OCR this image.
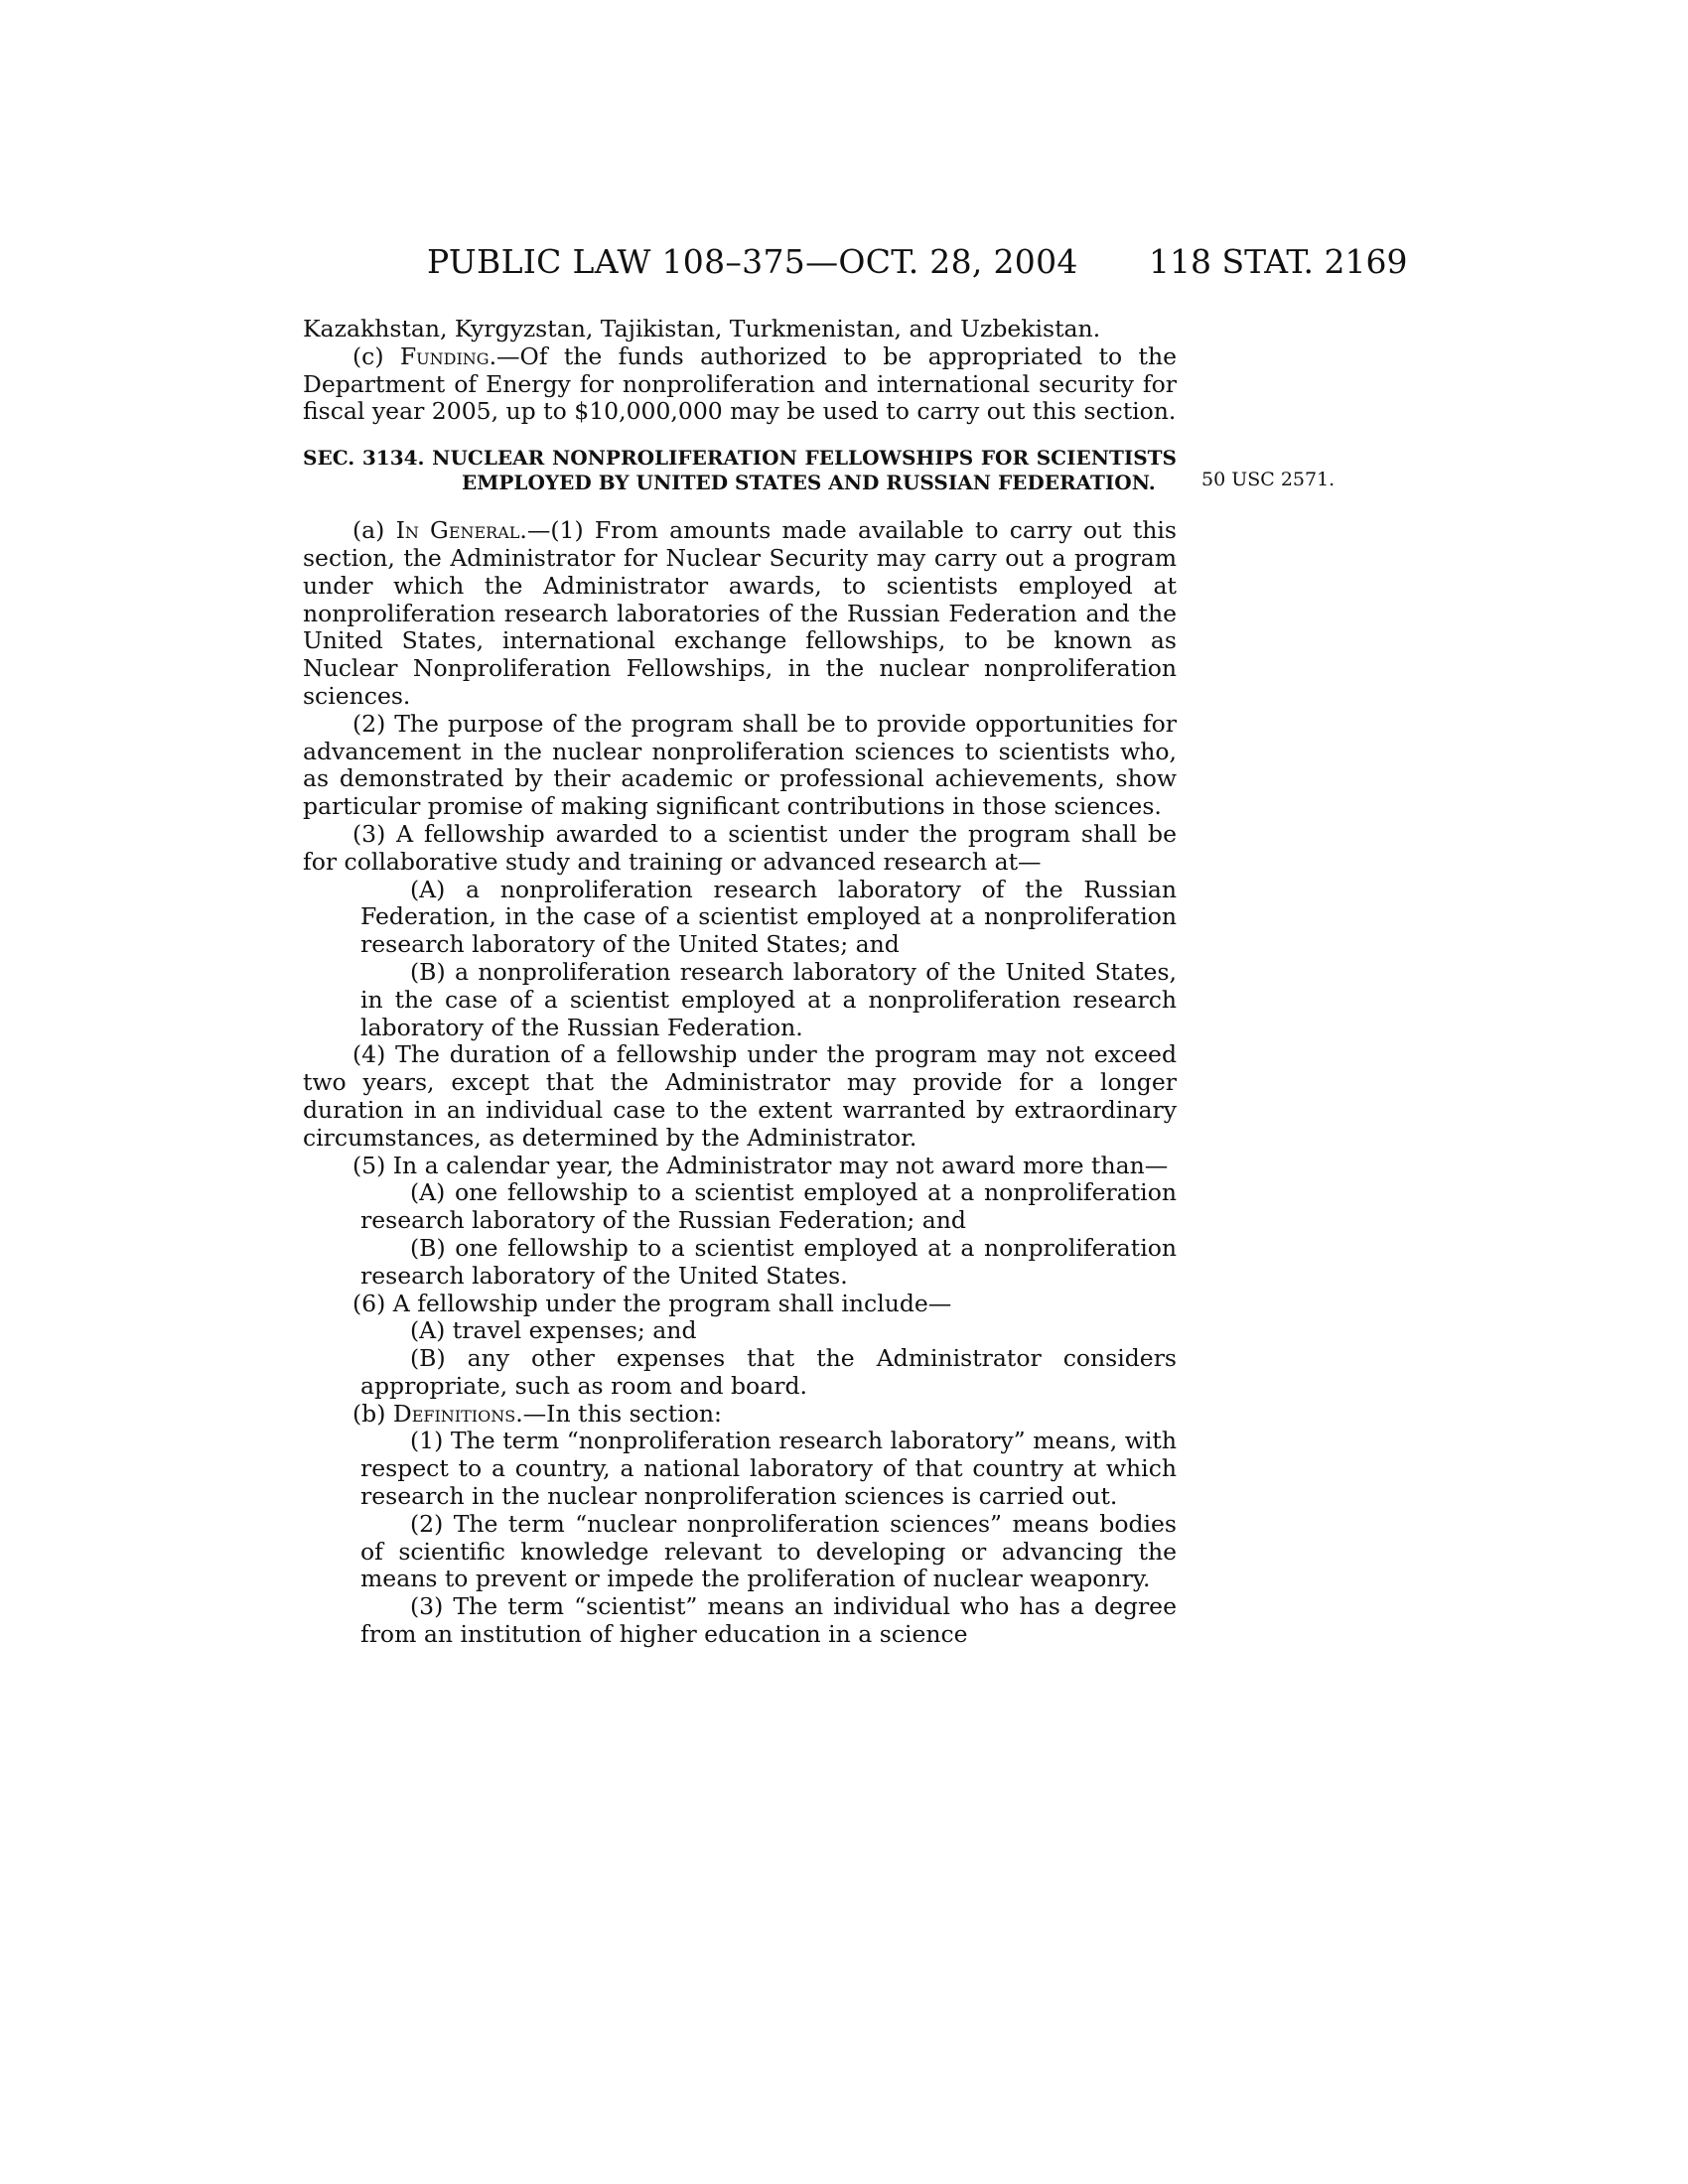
PUBLIC LAW 108–375—OCT. 28, 2004 118 STAT. 2169
50 USC 2571.

Kazakhstan, Kyrgyzstan, Tajikistan, Turkmenistan, and Uzbekistan.

(c) Funding.—Of the funds authorized to be appropriated to the Department of Energy for nonproliferation and international security for fiscal year 2005, up to $10,000,000 may be used to carry out this section.

SEC. 3134. NUCLEAR NONPROLIFERATION FELLOWSHIPS FOR SCIENTISTS EMPLOYED BY UNITED STATES AND RUSSIAN FEDERATION.

(a) In General.—(1) From amounts made available to carry out this section, the Administrator for Nuclear Security may carry out a program under which the Administrator awards, to scientists employed at nonproliferation research laboratories of the Russian Federation and the United States, international exchange fellowships, to be known as Nuclear Nonproliferation Fellowships, in the nuclear nonproliferation sciences.

(2) The purpose of the program shall be to provide opportunities for advancement in the nuclear nonproliferation sciences to scientists who, as demonstrated by their academic or professional achievements, show particular promise of making significant contributions in those sciences.

(3) A fellowship awarded to a scientist under the program shall be for collaborative study and training or advanced research at—

(A) a nonproliferation research laboratory of the Russian Federation, in the case of a scientist employed at a nonproliferation research laboratory of the United States; and

(B) a nonproliferation research laboratory of the United States, in the case of a scientist employed at a nonproliferation research laboratory of the Russian Federation.

(4) The duration of a fellowship under the program may not exceed two years, except that the Administrator may provide for a longer duration in an individual case to the extent warranted by extraordinary circumstances, as determined by the Administrator.

(5) In a calendar year, the Administrator may not award more than—

(A) one fellowship to a scientist employed at a nonproliferation research laboratory of the Russian Federation; and

(B) one fellowship to a scientist employed at a nonproliferation research laboratory of the United States.

(6) A fellowship under the program shall include—

(A) travel expenses; and

(B) any other expenses that the Administrator considers appropriate, such as room and board.

(b) Definitions.—In this section:

(1) The term “nonproliferation research laboratory” means, with respect to a country, a national laboratory of that country at which research in the nuclear nonproliferation sciences is carried out.

(2) The term “nuclear nonproliferation sciences” means bodies of scientific knowledge relevant to developing or advancing the means to prevent or impede the proliferation of nuclear weaponry.

(3) The term “scientist” means an individual who has a degree from an institution of higher education in a science
